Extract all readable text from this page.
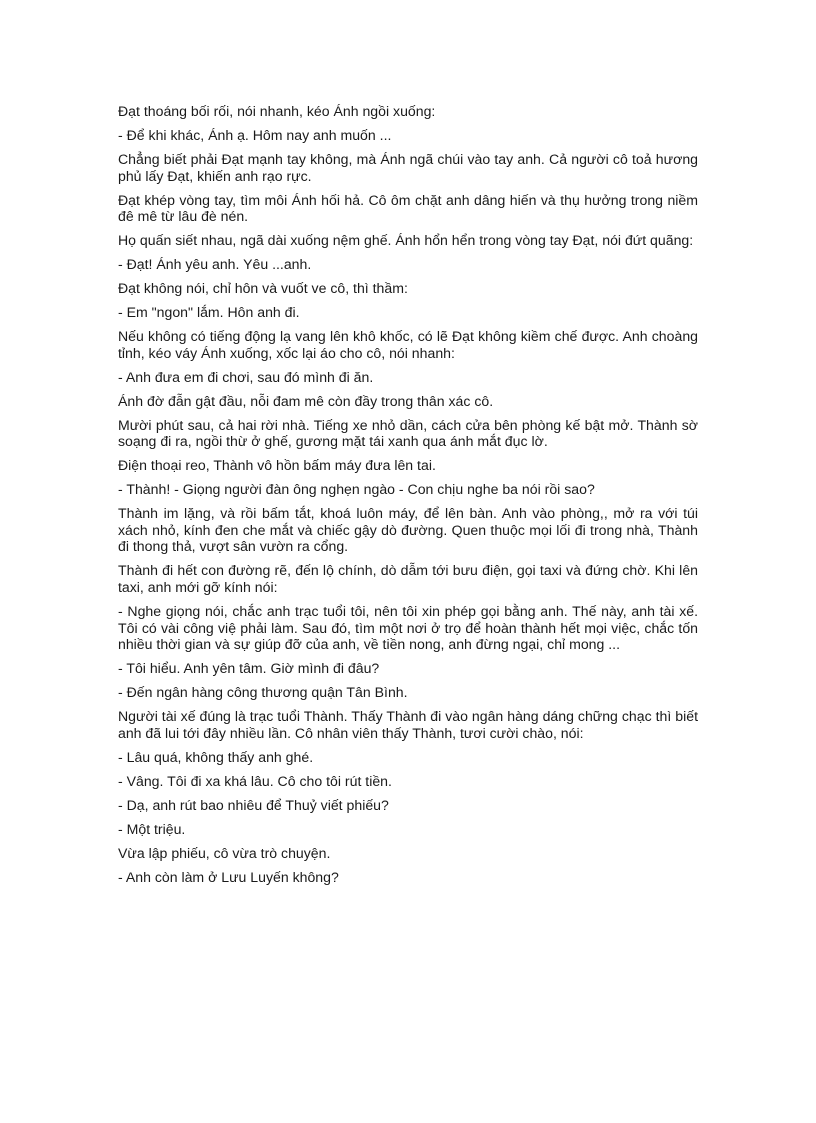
Đạt thoáng bối rối, nói nhanh, kéo Ánh ngồi xuống:

- Để khi khác, Ánh ạ. Hôm nay anh muốn ...

Chẳng biết phải Đạt mạnh tay không, mà Ánh ngã chúi vào tay anh. Cả người cô toả hương phủ lấy Đạt, khiến anh rạo rực.

Đạt khép vòng tay, tìm môi Ánh hối hả. Cô ôm chặt anh dâng hiến và thụ hưởng trong niềm đê mê từ lâu đè nén.

Họ quấn siết nhau, ngã dài xuống nệm ghế. Ánh hổn hển trong vòng tay Đạt, nói đứt quãng:

- Đạt! Ánh yêu anh. Yêu ...anh.

Đạt không nói, chỉ hôn và vuốt ve cô, thì thầm:

- Em "ngon" lắm. Hôn anh đi.

Nếu không có tiếng động lạ vang lên khô khốc, có lẽ Đạt không kiềm chế được. Anh choàng tỉnh, kéo váy Ánh xuống, xốc lại áo cho cô, nói nhanh:

- Anh đưa em đi chơi, sau đó mình đi ăn.

Ánh đờ đẫn gật đầu, nỗi đam mê còn đầy trong thân xác cô.

Mười phút sau, cả hai rời nhà. Tiếng xe nhỏ dần, cách cửa bên phòng kế bật mở. Thành sờ soạng đi ra, ngồi thừ ở ghế, gương mặt tái xanh qua ánh mắt đục lờ.

Điện thoại reo, Thành vô hồn bấm máy đưa lên tai.

- Thành! - Giọng người đàn ông nghẹn ngào - Con chịu nghe ba nói rồi sao?

Thành im lặng, và rồi bấm tắt, khoá luôn máy, để lên bàn. Anh vào phòng,, mở ra với túi xách nhỏ, kính đen che mắt và chiếc gậy dò đường. Quen thuộc mọi lối đi trong nhà, Thành đi thong thả, vượt sân vườn ra cổng.

Thành đi hết con đường rẽ, đến lộ chính, dò dẫm tới bưu điện, gọi taxi và đứng chờ. Khi lên taxi, anh mới gỡ kính nói:

- Nghe giọng nói, chắc anh trạc tuổi tôi, nên tôi xin phép gọi bằng anh. Thế này, anh tài xế. Tôi có vài công việ phải làm. Sau đó, tìm một nơi ở trọ để hoàn thành hết mọi việc, chắc tốn nhiều thời gian và sự giúp đỡ của anh, về tiền nong, anh đừng ngại, chỉ mong ...

- Tôi hiểu. Anh yên tâm. Giờ mình đi đâu?

- Đến ngân hàng công thương quận Tân Bình.

Người tài xế đúng là trạc tuổi Thành. Thấy Thành đi vào ngân hàng dáng chững chạc thì biết anh đã lui tới đây nhiều lần. Cô nhân viên thấy Thành, tươi cười chào, nói:

- Lâu quá, không thấy anh ghé.

- Vâng. Tôi đi xa khá lâu. Cô cho tôi rút tiền.

- Dạ, anh rút bao nhiêu để Thuỷ viết phiếu?

- Một triệu.

Vừa lập phiếu, cô vừa trò chuyện.

- Anh còn làm ở Lưu Luyến không?
